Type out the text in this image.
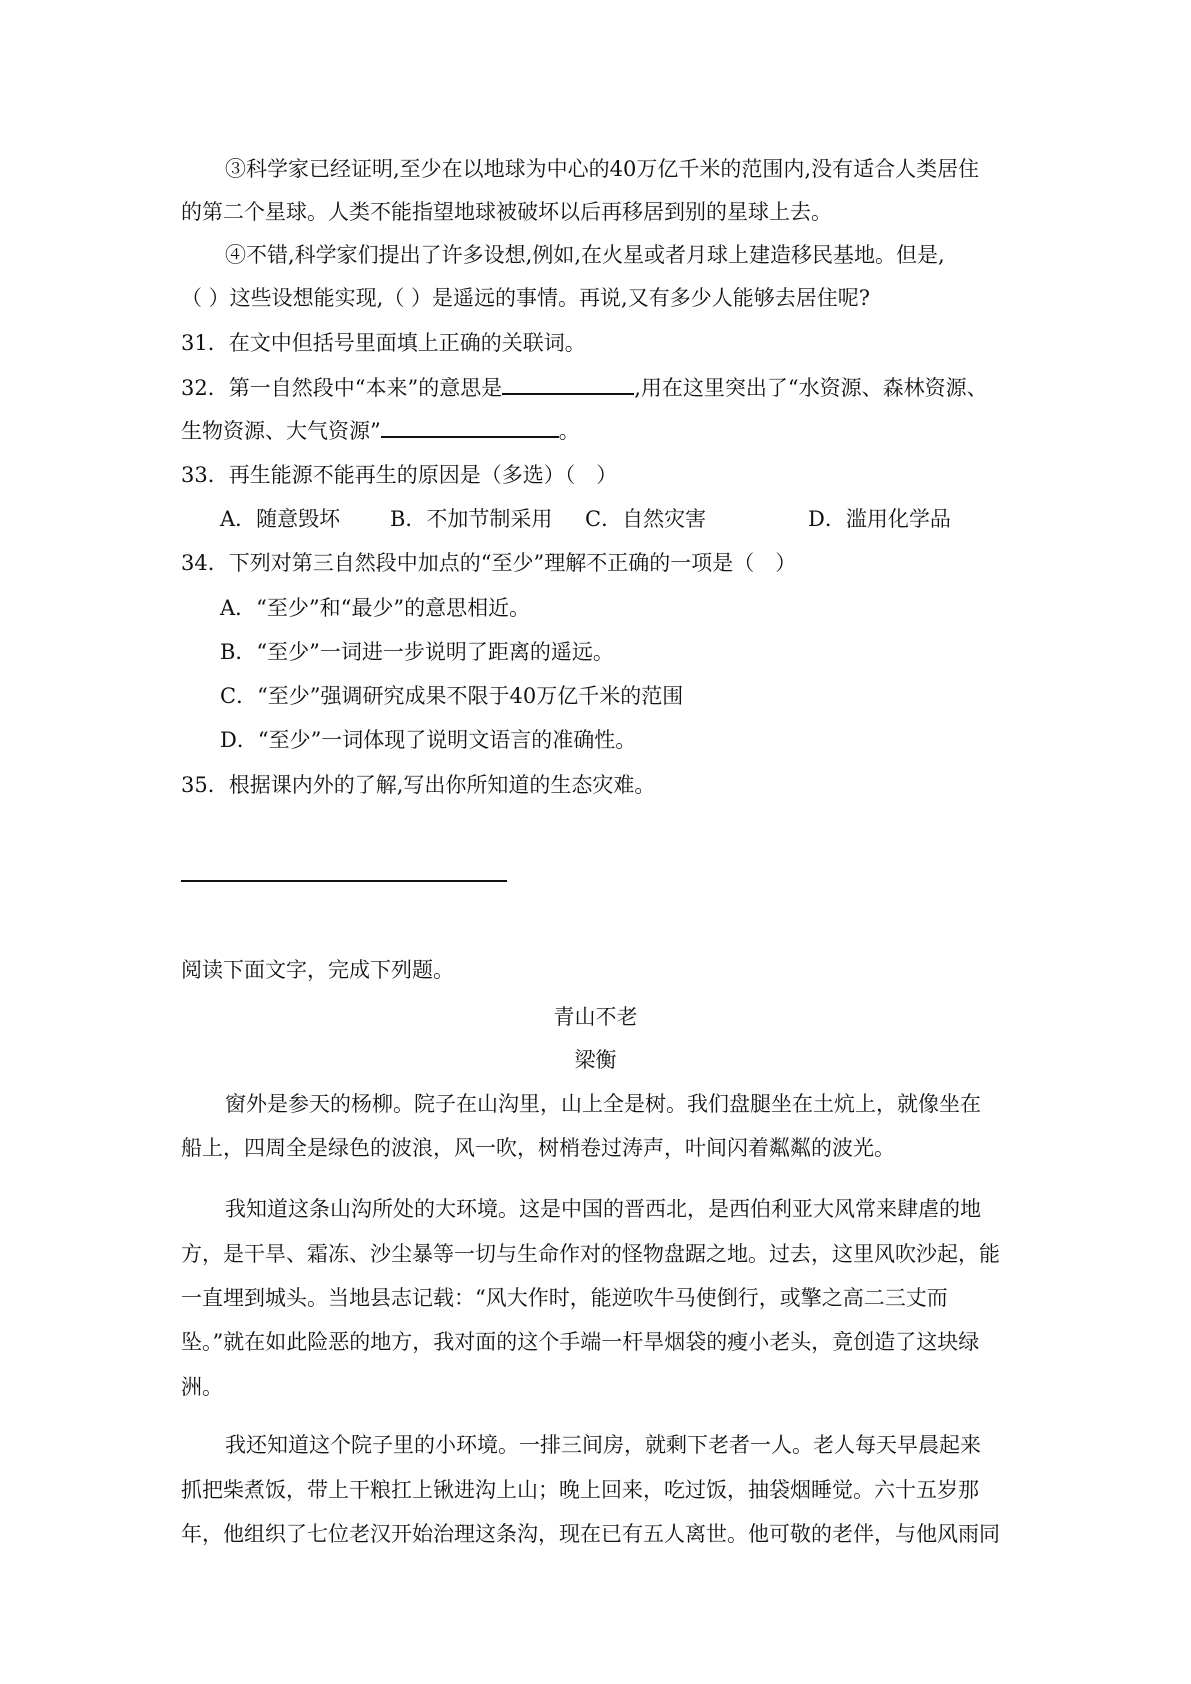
③科学家已经证明,至少在以地球为中心的40万亿千米的范围内,没有适合人类居住
的第二个星球。人类不能指望地球被破坏以后再移居到别的星球上去。
④不错,科学家们提出了许多设想,例如,在火星或者月球上建造移民基地。但是,
（ ）这些设想能实现,（ ）是遥远的事情。再说,又有多少人能够去居住呢?
31．在文中但括号里面填上正确的关联词。
32．第一自然段中“本来”的意思是	,用在这里突出了“水资源、森林资源、
生物资源、大气资源”	。
33．再生能源不能再生的原因是（多选）（　）
A．随意毁坏 B．不加节制采用 C．自然灾害	D．滥用化学品
34．下列对第三自然段中加点的“至少”理解不正确的一项是（　）
A．“至少”和“最少”的意思相近。
B．“至少”一词进一步说明了距离的遥远。
C．“至少”强调研究成果不限于40万亿千米的范围
D．“至少”一词体现了说明文语言的准确性。
35．根据课内外的了解,写出你所知道的生态灾难。
阅读下面文字，完成下列题。
青山不老
梁衡
窗外是参天的杨柳。院子在山沟里，山上全是树。我们盘腿坐在土炕上，就像坐在
船上，四周全是绿色的波浪，风一吹，树梢卷过涛声，叶间闪着粼粼的波光。
我知道这条山沟所处的大环境。这是中国的晋西北，是西伯利亚大风常来肆虐的地
方，是干旱、霜冻、沙尘暴等一切与生命作对的怪物盘踞之地。过去，这里风吹沙起，能
一直埋到城头。当地县志记载：“风大作时，能逆吹牛马使倒行，或擎之高二三丈而
坠。”就在如此险恶的地方，我对面的这个手端一杆旱烟袋的瘦小老头，竟创造了这块绿
洲。
我还知道这个院子里的小环境。一排三间房，就剩下老者一人。老人每天早晨起来
抓把柴煮饭，带上干粮扛上锹进沟上山；晚上回来，吃过饭，抽袋烟睡觉。六十五岁那
年，他组织了七位老汉开始治理这条沟，现在已有五人离世。他可敬的老伴，与他风雨同
